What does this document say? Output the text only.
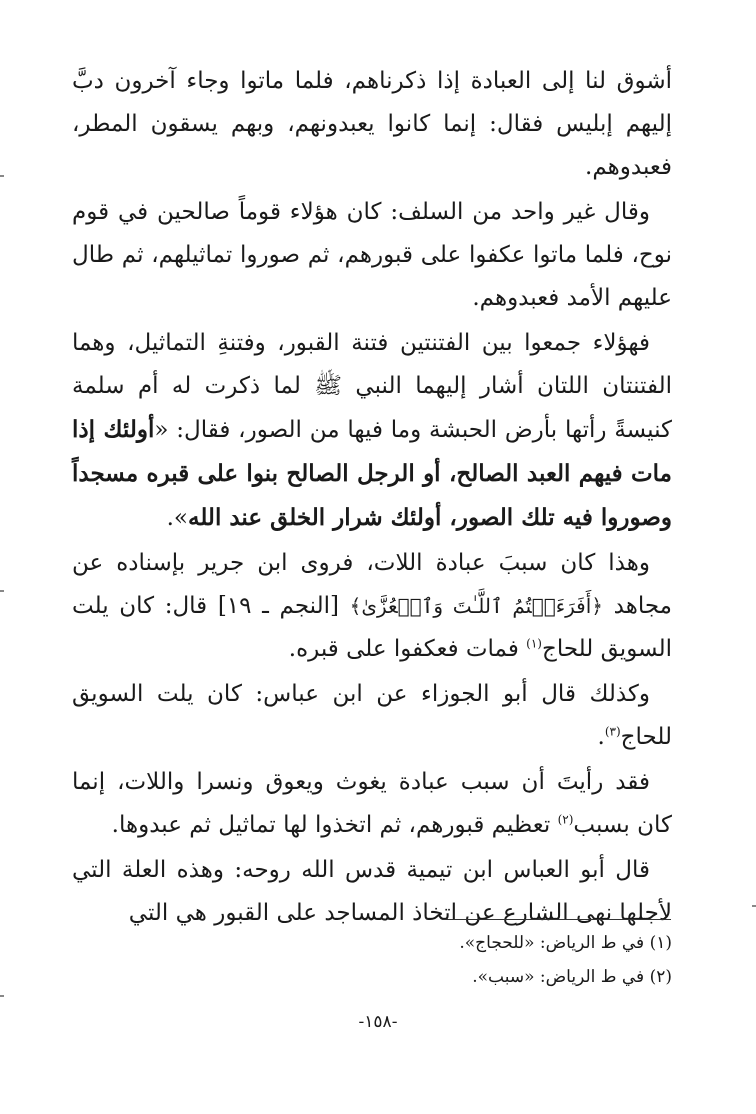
أشوق لنا إلى العبادة إذا ذكرناهم، فلما ماتوا وجاء آخرون دبَّ إليهم إبليس فقال: إنما كانوا يعبدونهم، وبهم يسقون المطر، فعبدوهم.

وقال غير واحد من السلف: كان هؤلاء قوماً صالحين في قوم نوح، فلما ماتوا عكفوا على قبورهم، ثم صوروا تماثيلهم، ثم طال عليهم الأمد فعبدوهم.

فهؤلاء جمعوا بين الفتنتين فتنة القبور، وفتنةِ التماثيل، وهما الفتنتان اللتان أشار إليهما النبي ﷺ لما ذكرت له أم سلمة كنيسةً رأتها بأرض الحبشة وما فيها من الصور، فقال: «أولئك إذا مات فيهم العبد الصالح، أو الرجل الصالح بنوا على قبره مسجداً وصوروا فيه تلك الصور، أولئك شرار الخلق عند الله».

وهذا كان سببَ عبادة اللات، فروى ابن جرير بإسناده عن مجاهد ﴿أَفَرَءَيۡتُمُ ٱللَّـٰتَ وَٱلۡعُزَّىٰ﴾ [النجم ـ ١٩] قال: كان يلت السويق للحاج$^{(١)}$ فمات فعكفوا على قبره.

وكذلك قال أبو الجوزاء عن ابن عباس: كان يلت السويق للحاج$^{(٣)}$.

فقد رأيتَ أن سبب عبادة يغوث ويعوق ونسرا واللات، إنما كان بسبب$^{(٢)}$ تعظيم قبورهم، ثم اتخذوا لها تماثيل ثم عبدوها.

قال أبو العباس ابن تيمية قدس الله روحه: وهذه العلة التي لأجلها نهى الشارع عن اتخاذ المساجد على القبور هي التي

(١) في ط الرياض: «للحجاج».

(٢) في ط الرياض: «سبب».

-١٥٨-
